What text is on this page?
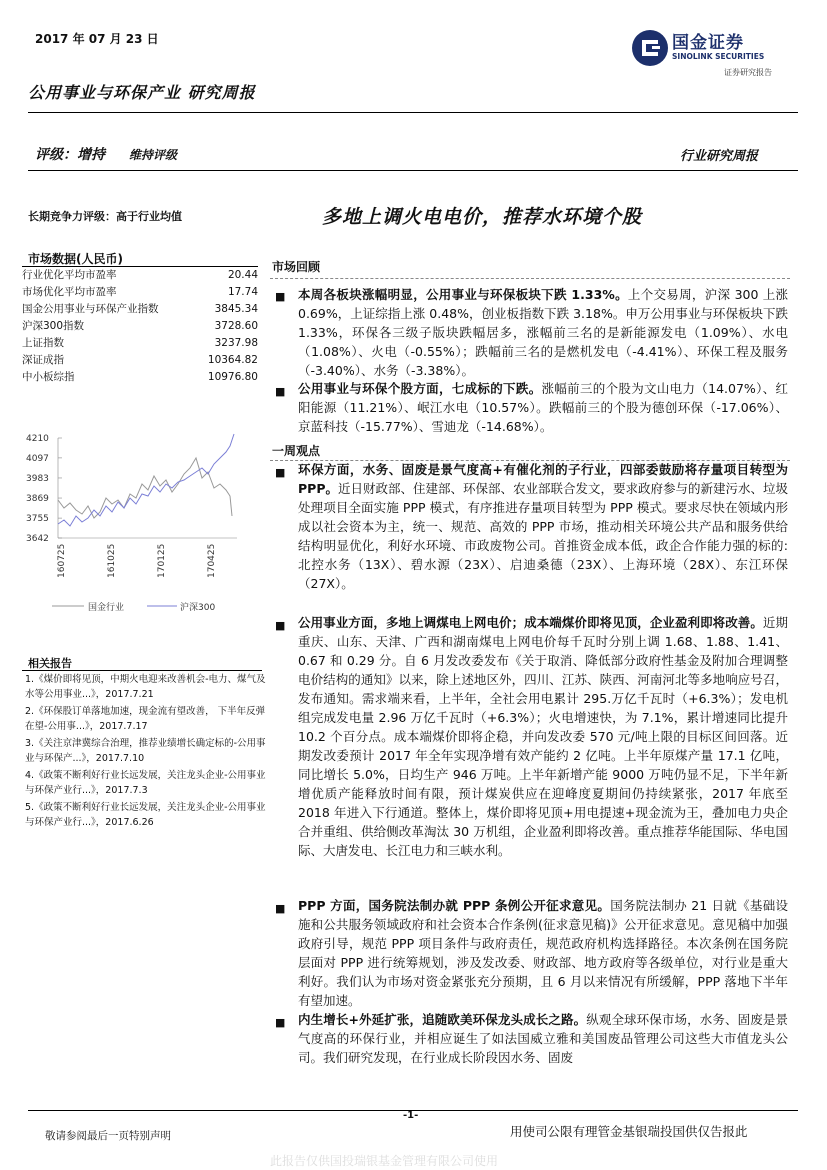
2017 年 07 月 23 日
公用事业与环保产业 研究周报
国金证券
SINOLINK SECURITIES
证券研究报告
评级：增持 维持评级	行业研究周报
长期竞争力评级：高于行业均值	多地上调火电电价，推荐水环境个股
市场数据(人民币)
行业优化平均市盈率	20.44
市场优化平均市盈率	17.74
国金公用事业与环保产业指数	3845.34
沪深300指数	3728.60
上证指数	3237.98
深证成指	10364.82
中小板综指	10976.80
4210
4097
3983
3869
3755
3642
160725	161025	170125	170425
国金行业	沪深300
相关报告
1.《煤价即将见顶，中期火电迎来改善机会-电力、煤气及水等公用事业...》，2017.7.21
2.《环保股订单落地加速，现金流有望改善， 下半年反弹在望-公用事...》，2017.7.17
3.《关注京津冀综合治理，推荐业绩增长确定标的-公用事业与环保产...》，2017.7.10
4.《政策不断利好行业长远发展，关注龙头企业-公用事业与环保产业行...》，2017.7.3
5.《政策不断利好行业长远发展，关注龙头企业-公用事业与环保产业行...》，2017.6.26
市场回顾
■ 本周各板块涨幅明显，公用事业与环保板块下跌 1.33%。上个交易周，沪深 300 上涨 0.69%，上证综指上涨 0.48%，创业板指数下跌 3.18%。申万公用事业与环保板块下跌 1.33%，环保各三级子版块跌幅居多，涨幅前三名的是新能源发电（1.09%）、水电（1.08%）、火电（-0.55%）；跌幅前三名的是燃机发电（-4.41%）、环保工程及服务（-3.40%）、水务（-3.38%）。
■ 公用事业与环保个股方面，七成标的下跌。涨幅前三的个股为文山电力（14.07%）、红阳能源（11.21%）、岷江水电（10.57%）。跌幅前三的个股为德创环保（-17.06%）、京蓝科技（-15.77%）、雪迪龙（-14.68%）。
一周观点
■ 环保方面，水务、固废是景气度高+有催化剂的子行业，四部委鼓励将存量项目转型为 PPP。近日财政部、住建部、环保部、农业部联合发文，要求政府参与的新建污水、垃圾处理项目全面实施 PPP 模式，有序推进存量项目转型为 PPP 模式。要求尽快在领域内形成以社会资本为主，统一、规范、高效的 PPP 市场，推动相关环境公共产品和服务供给结构明显优化，利好水环境、市政废物公司。首推资金成本低，政企合作能力强的标的:北控水务（13X）、碧水源（23X）、启迪桑德（23X）、上海环境（28X）、东江环保（27X）。
■ 公用事业方面，多地上调煤电上网电价；成本端煤价即将见顶，企业盈利即将改善。近期重庆、山东、天津、广西和湖南煤电上网电价每千瓦时分别上调 1.68、1.88、1.41、0.67 和 0.29 分。自 6 月发改委发布《关于取消、降低部分政府性基金及附加合理调整电价结构的通知》以来，除上述地区外，四川、江苏、陕西、河南河北等多地响应号召，发布通知。需求端来看，上半年，全社会用电累计 295.万亿千瓦时（+6.3%）；发电机组完成发电量 2.96 万亿千瓦时（+6.3%）；火电增速快，为 7.1%，累计增速同比提升 10.2 个百分点。成本端煤价即将企稳，并向发改委 570 元/吨上限的目标区间回落。近期发改委预计 2017 年全年实现净增有效产能约 2 亿吨。上半年原煤产量 17.1 亿吨，同比增长 5.0%，日均生产 946 万吨。上半年新增产能 9000 万吨仍显不足，下半年新增优质产能释放时间有限，预计煤炭供应在迎峰度夏期间仍持续紧张，2017 年底至 2018 年进入下行通道。整体上，煤价即将见顶+用电提速+现金流为王，叠加电力央企合并重组、供给侧改革淘汰 30 万机组，企业盈利即将改善。重点推荐华能国际、华电国际、大唐发电、长江电力和三峡水利。
■ PPP 方面，国务院法制办就 PPP 条例公开征求意见。国务院法制办 21 日就《基础设施和公共服务领域政府和社会资本合作条例(征求意见稿)》公开征求意见。意见稿中加强政府引导，规范 PPP 项目条件与政府责任，规范政府机构选择路径。本次条例在国务院层面对 PPP 进行统筹规划，涉及发改委、财政部、地方政府等各级单位，对行业是重大利好。我们认为市场对资金紧张充分预期，且 6 月以来情况有所缓解，PPP 落地下半年有望加速。
■ 内生增长+外延扩张，追随欧美环保龙头成长之路。纵观全球环保市场，水务、固废是景气度高的环保行业，并相应诞生了如法国威立雅和美国废品管理公司这些大市值龙头公司。我们研究发现，在行业成长阶段因水务、固废
-1-
敬请参阅最后一页特别声明	用使司公限有理管金基银瑞投国供仅告报此
此报告仅供国投瑞银基金管理有限公司使用
